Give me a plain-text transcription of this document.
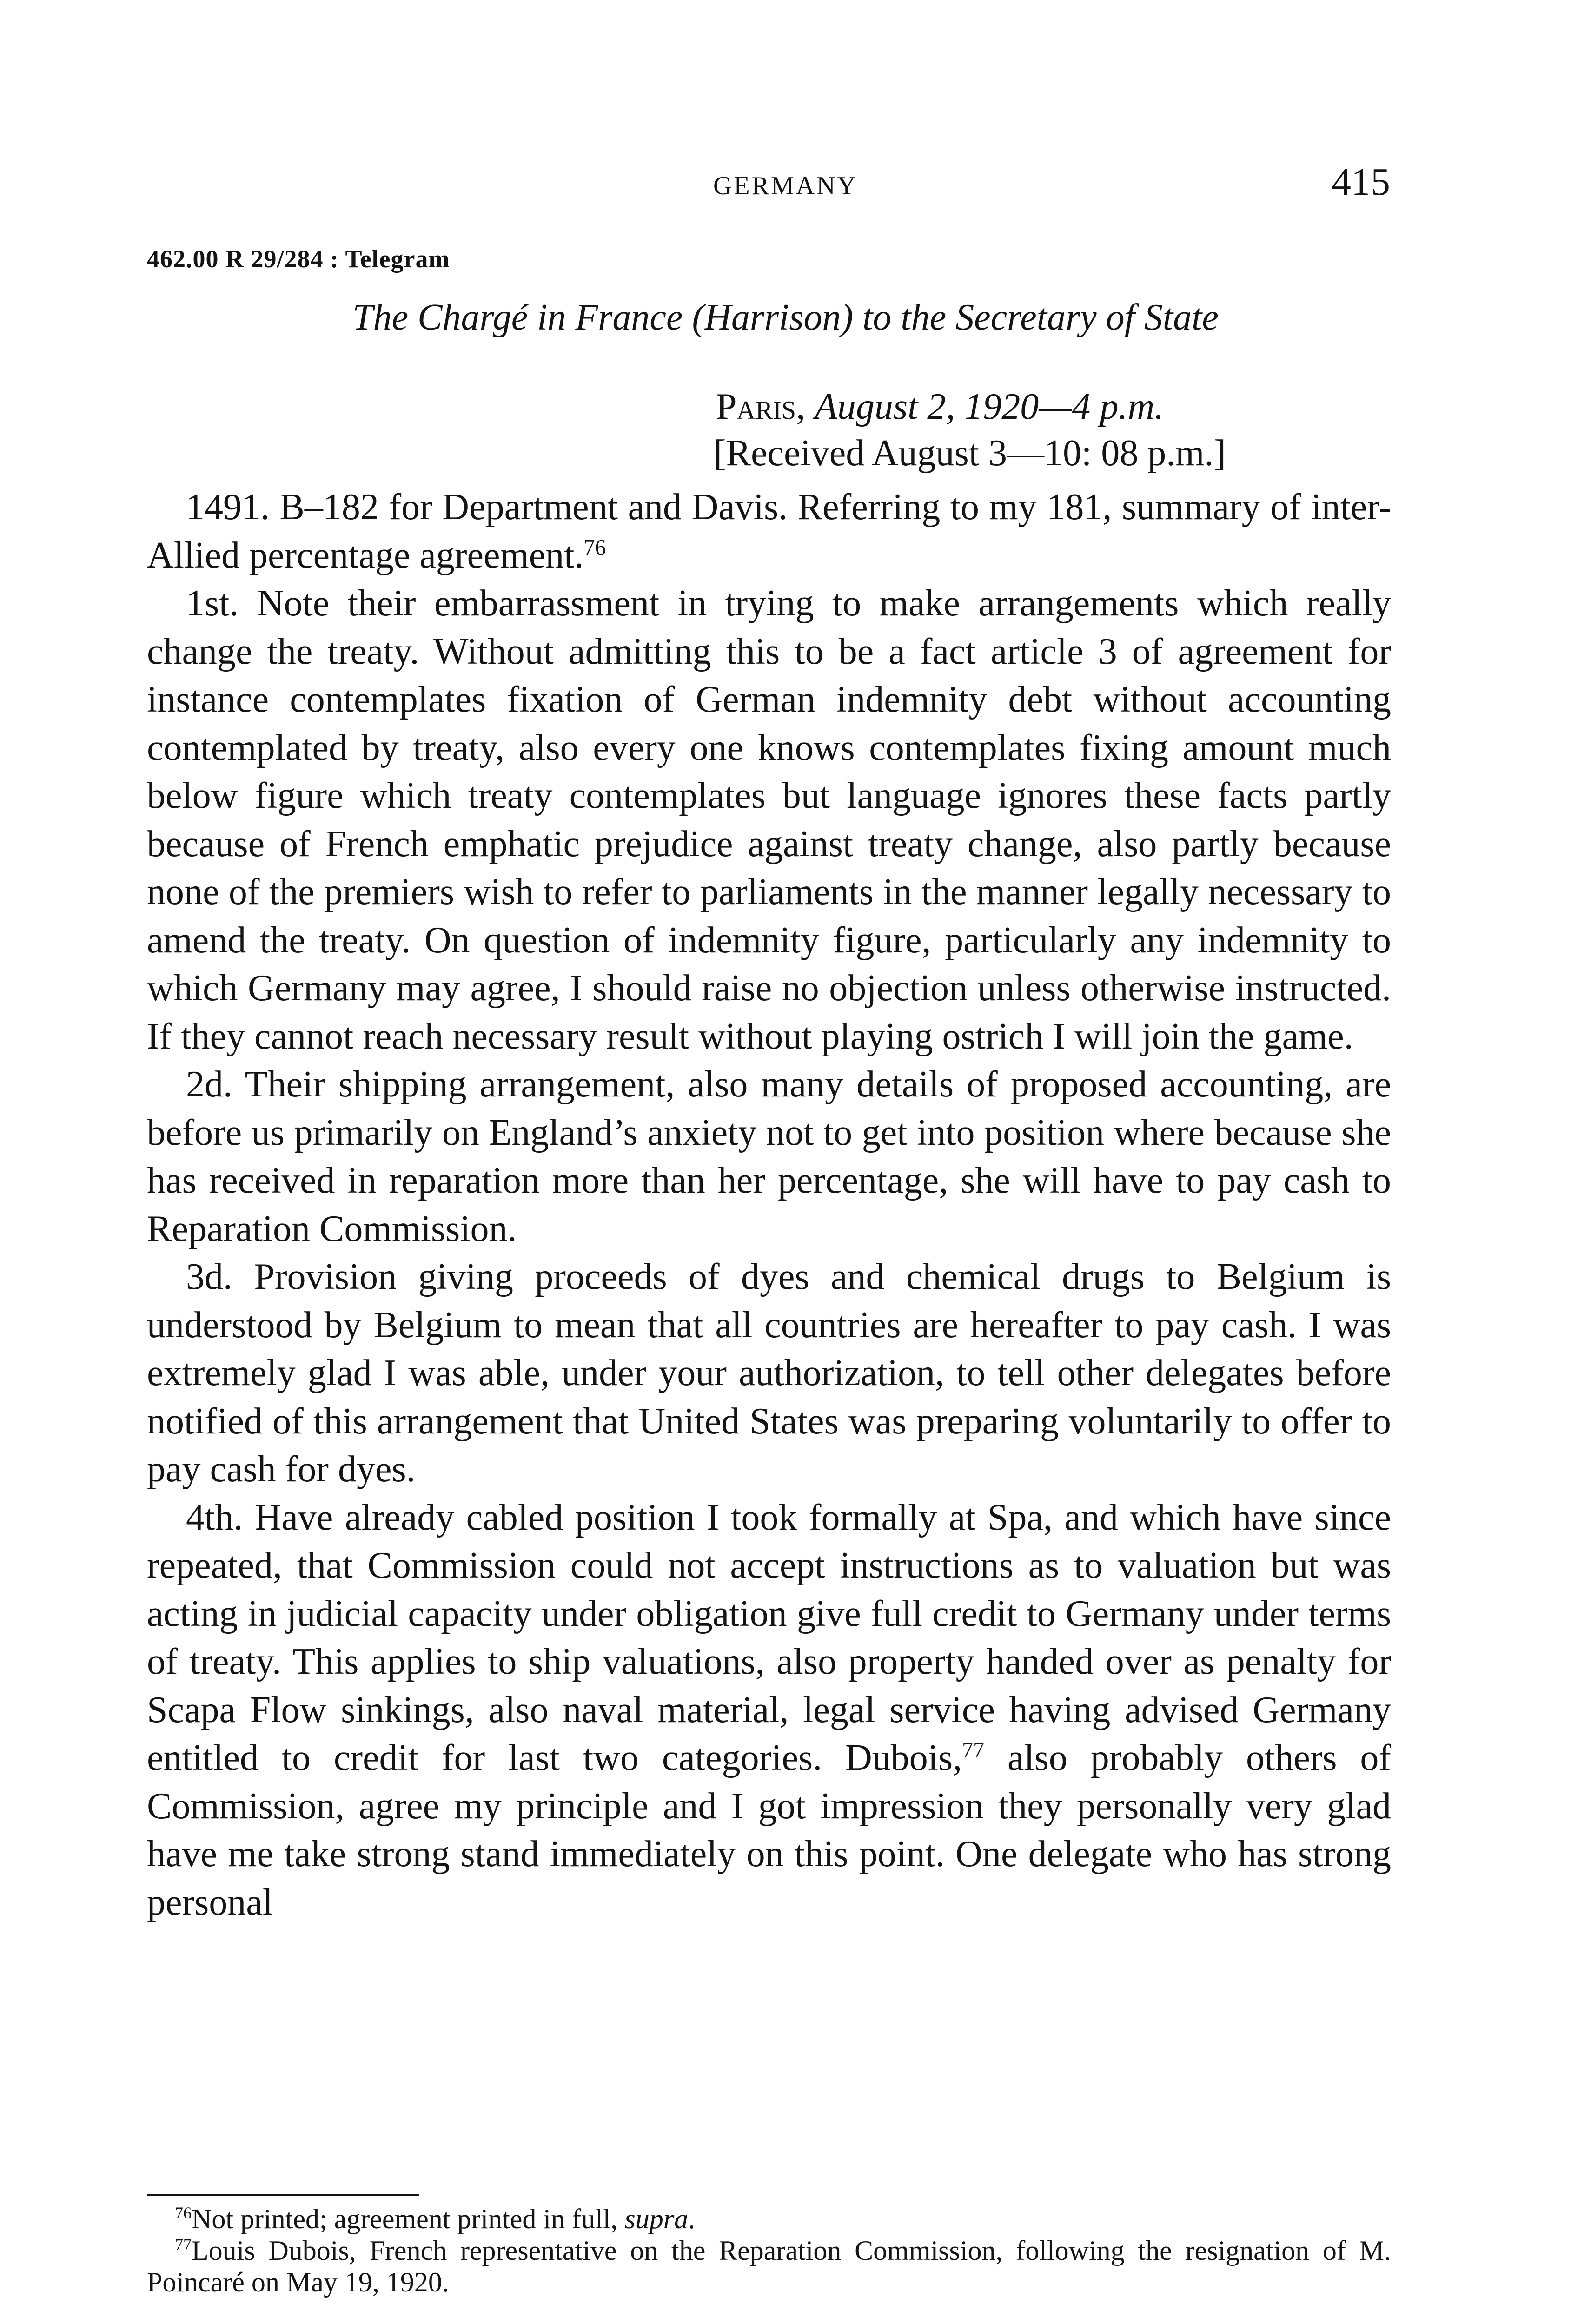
GERMANY	415
462.00 R 29/284 : Telegram
The Chargé in France (Harrison) to the Secretary of State
Paris, August 2, 1920—4 p.m.
[Received August 3—10: 08 p.m.]

1491. B–182 for Department and Davis. Referring to my 181, summary of inter-Allied percentage agreement.$^{76}$

1st. Note their embarrassment in trying to make arrangements which really change the treaty. Without admitting this to be a fact article 3 of agreement for instance contemplates fixation of German indemnity debt without accounting contemplated by treaty, also every one knows contemplates fixing amount much below figure which treaty contemplates but language ignores these facts partly because of French emphatic prejudice against treaty change, also partly because none of the premiers wish to refer to parliaments in the manner legally necessary to amend the treaty. On question of indemnity figure, particularly any indemnity to which Germany may agree, I should raise no objection unless otherwise instructed. If they cannot reach necessary result without playing ostrich I will join the game.

2d. Their shipping arrangement, also many details of proposed accounting, are before us primarily on England’s anxiety not to get into position where because she has received in reparation more than her percentage, she will have to pay cash to Reparation Commission.

3d. Provision giving proceeds of dyes and chemical drugs to Belgium is understood by Belgium to mean that all countries are hereafter to pay cash. I was extremely glad I was able, under your authorization, to tell other delegates before notified of this arrangement that United States was preparing voluntarily to offer to pay cash for dyes.

4th. Have already cabled position I took formally at Spa, and which have since repeated, that Commission could not accept instructions as to valuation but was acting in judicial capacity under obligation give full credit to Germany under terms of treaty. This applies to ship valuations, also property handed over as penalty for Scapa Flow sinkings, also naval material, legal service having advised Germany entitled to credit for last two categories. Dubois,$^{77}$ also probably others of Commission, agree my principle and I got impression they personally very glad have me take strong stand immediately on this point. One delegate who has strong personal

$^{76}$Not printed; agreement printed in full, supra.

$^{77}$Louis Dubois, French representative on the Reparation Commission, following the resignation of M. Poincaré on May 19, 1920.
